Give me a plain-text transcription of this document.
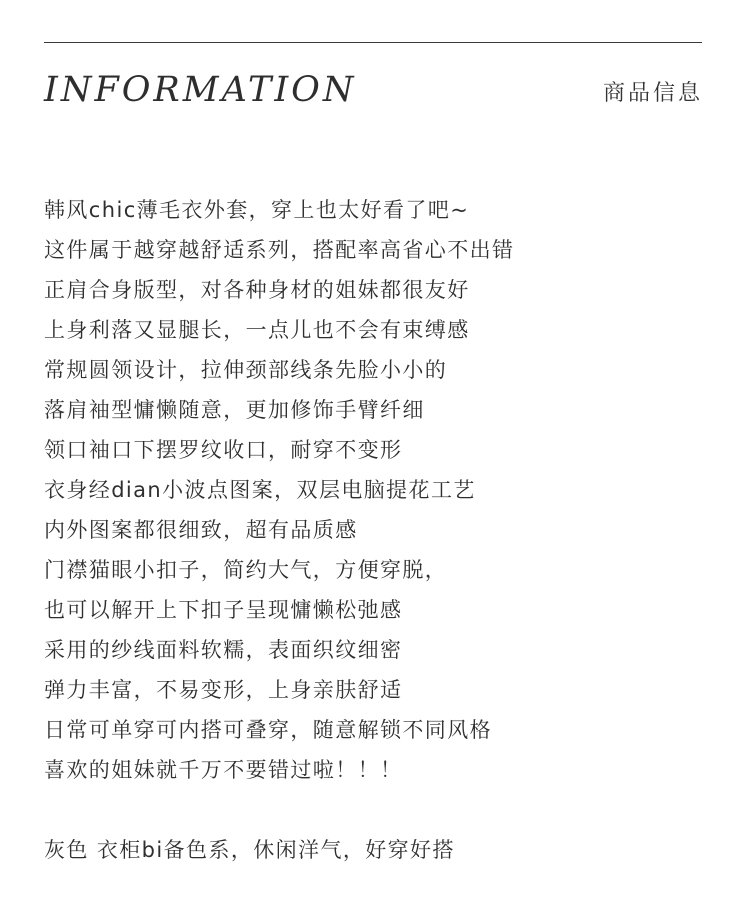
INFORMATION	商品信息
韩风chic薄毛衣外套，穿上也太好看了吧~
这件属于越穿越舒适系列，搭配率高省心不出错
正肩合身版型，对各种身材的姐妹都很友好
上身利落又显腿长，一点儿也不会有束缚感
常规圆领设计，拉伸颈部线条先脸小小的
落肩袖型慵懒随意，更加修饰手臂纤细
领口袖口下摆罗纹收口，耐穿不变形
衣身经dian小波点图案，双层电脑提花工艺
内外图案都很细致，超有品质感
门襟猫眼小扣子，简约大气，方便穿脱，
也可以解开上下扣子呈现慵懒松弛感
采用的纱线面料软糯，表面织纹细密
弹力丰富，不易变形，上身亲肤舒适
日常可单穿可内搭可叠穿，随意解锁不同风格
喜欢的姐妹就千万不要错过啦！！！
灰色 衣柜bi备色系，休闲洋气，好穿好搭
